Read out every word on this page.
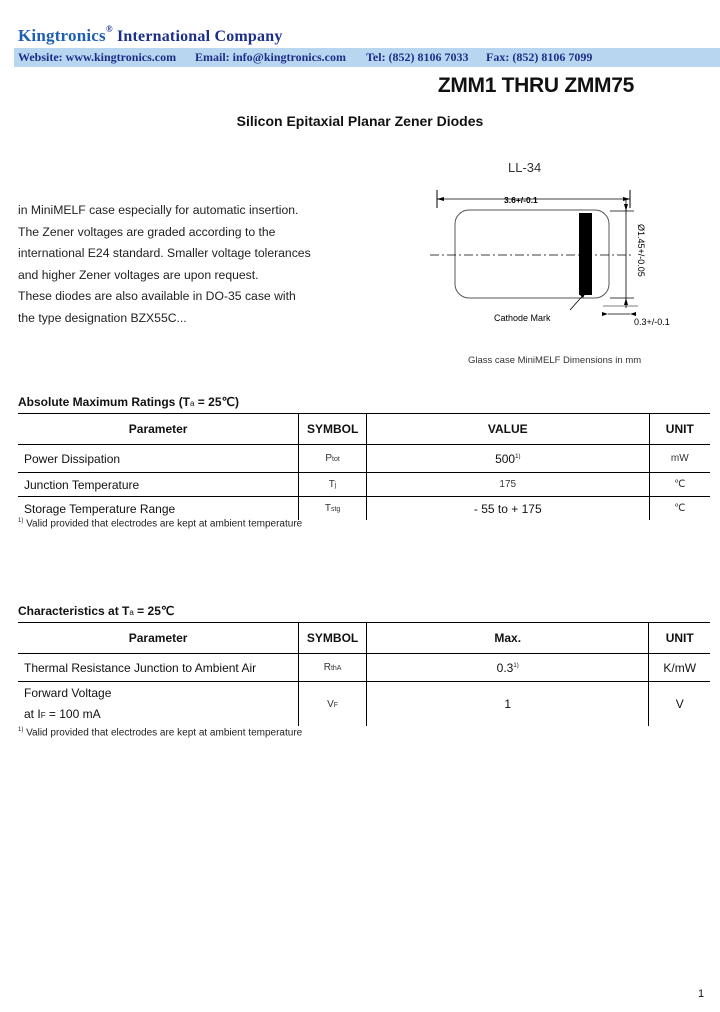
Kingtronics® International Company
Website: www.kingtronics.com Email: info@kingtronics.com Tel: (852) 8106 7033 Fax: (852) 8106 7099
ZMM1 THRU ZMM75
Silicon Epitaxial Planar Zener Diodes
LL-34
in MiniMELF case especially for automatic insertion.
The Zener voltages are graded according to the
international E24 standard. Smaller voltage tolerances
and higher Zener voltages are upon request.
These diodes are also available in DO-35 case with
the type designation BZX55C...
3.6+/-0.1
Ø1.45+/-0.05
0.3+/-0.1
Cathode Mark
Glass case MiniMELF Dimensions in mm
Absolute Maximum Ratings (Ta = 25℃)
Parameter	SYMBOL	VALUE	UNIT
Power Dissipation	Ptot	500$^{1)}$	mW
Junction Temperature	Tj	175	℃
Storage Temperature Range	Tstg	- 55 to + 175	℃
$^{1)}$ Valid provided that electrodes are kept at ambient temperature
Characteristics at Ta = 25℃
Parameter	SYMBOL	Max.	UNIT
Thermal Resistance Junction to Ambient Air	RthA	0.3$^{1)}$	K/mW

Forward Voltage
at IF = 100 mA	VF	1	V
$^{1)}$ Valid provided that electrodes are kept at ambient temperature
1
